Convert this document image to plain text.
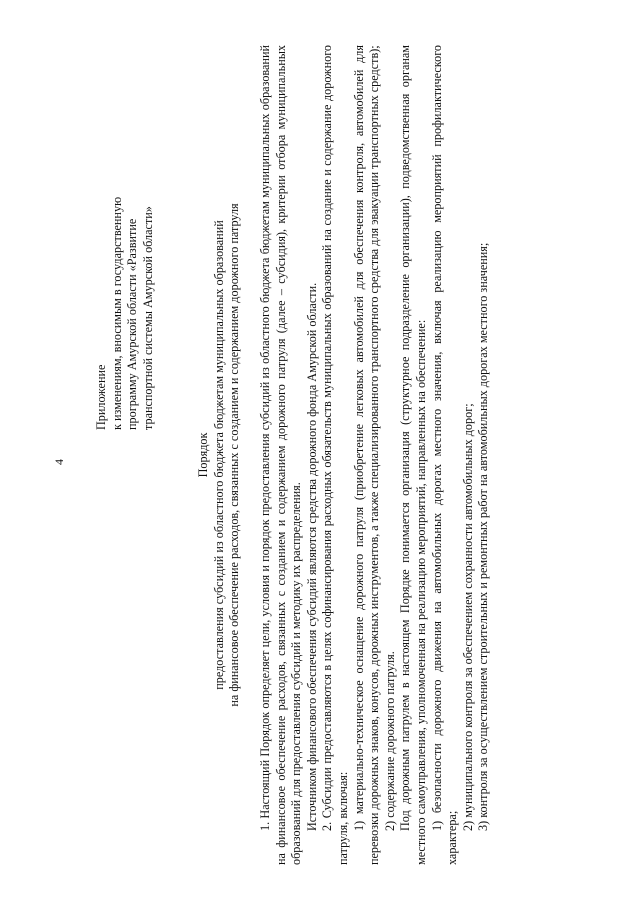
4
Приложение к изменениям, вносимым в государственную программу Амурской области «Развитие транспортной системы Амурской области»
Порядок предоставления субсидий из областного бюджета бюджетам муниципальных образований на финансовое обеспечение расходов, связанных с созданием и содержанием дорожного патруля 1. Настоящий Порядок определяет цели, условия и порядок предоставления субсидий из областного бюджета бюджетам муниципальных образований на финансовое обеспечение расходов, связанных с созданием и содержанием дорожного патруля (далее – субсидия), критерии отбора муниципальных образований для предоставления субсидий и методику их распределения. Источником финансового обеспечения субсидий являются средства дорожного фонда Амурской области. 2. Субсидии предоставляются в целях софинансирования расходных обязательств муниципальных образований на создание и содержание дорожного патруля, включая: 1) материально-техническое оснащение дорожного патруля (приобретение легковых автомобилей для обеспечения контроля, автомобилей для перевозки дорожных знаков, конусов, дорожных инструментов, а также специализированного транспортного средства для эвакуации транспортных средств); 2) содержание дорожного патруля. Под дорожным патрулем в настоящем Порядке понимается организация (структурное подразделение организации), подведомственная органам местного самоуправления, уполномоченная на реализацию мероприятий, направленных на обеспечение: 1) безопасности дорожного движения на автомобильных дорогах местного значения, включая реализацию мероприятий профилактического характера;

2) муниципального контроля за обеспечением сохранности автомобильных дорог; 3) контроля за осуществлением строительных и ремонтных работ на автомобильных дорогах местного значения;
